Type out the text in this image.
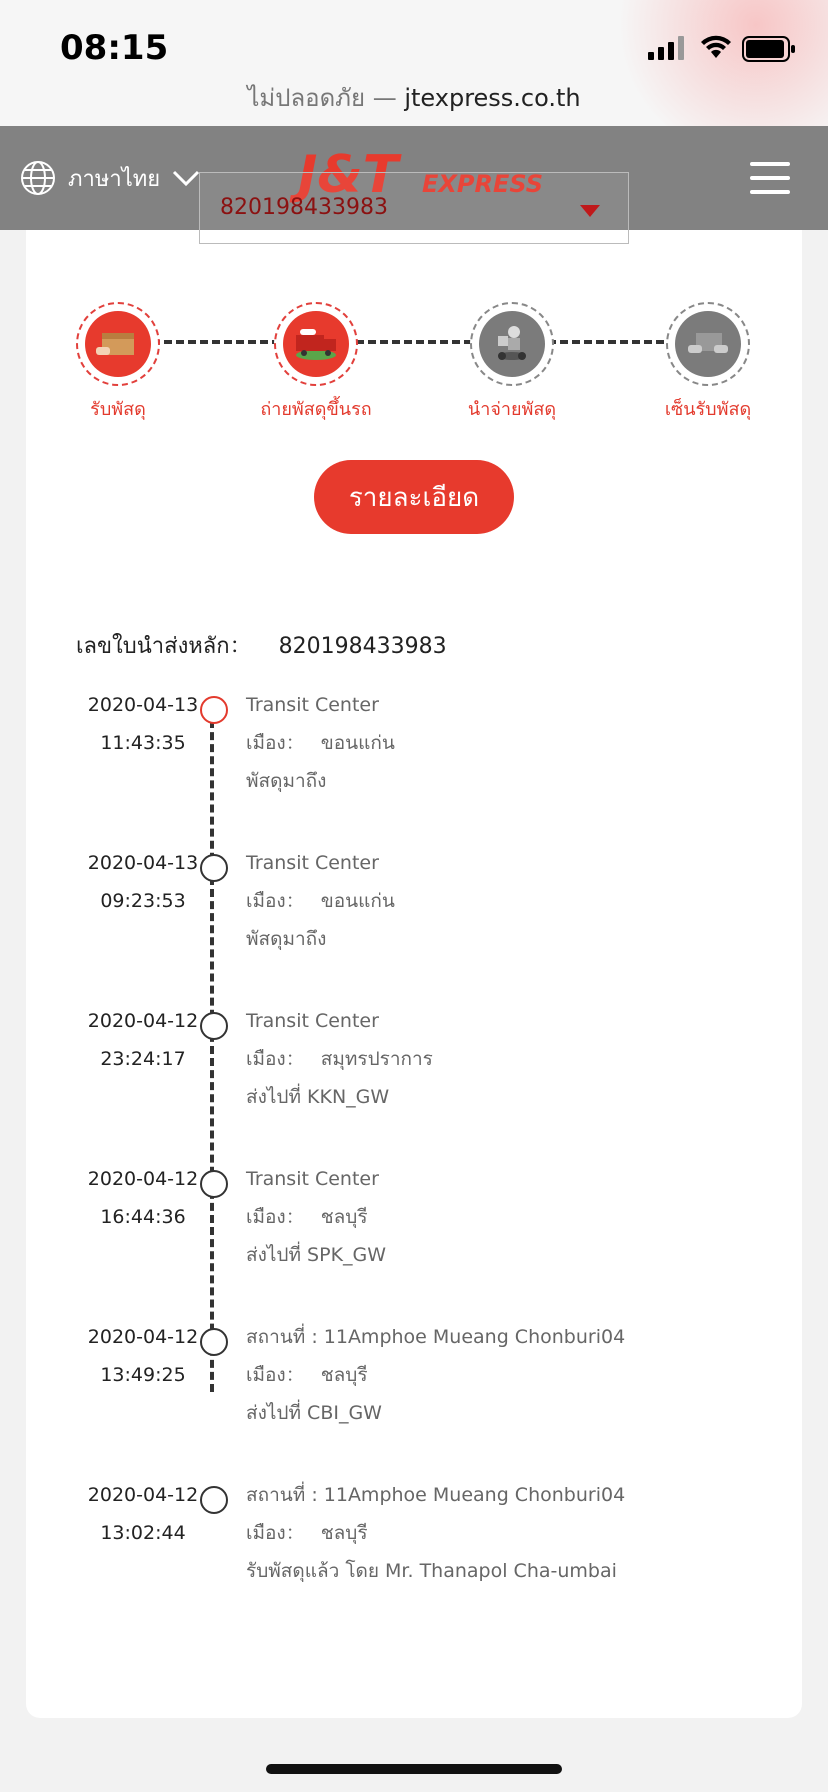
08:15
ไม่ปลอดภัย — jtexpress.co.th
ภาษาไทย	J&T EXPRESS
รับพัสดุ	ถ่ายพัสดุขึ้นรถ	นำจ่ายพัสดุ	เซ็นรับพัสดุ
รายละเอียด
เลขใบนำส่งหลัก： 820198433983
2020-04-13
11:43:35
Transit Center
เมือง： ขอนแก่น
พัสดุมาถึง
2020-04-13
09:23:53
Transit Center
เมือง： ขอนแก่น
พัสดุมาถึง
2020-04-12
23:24:17
Transit Center
เมือง： สมุทรปราการ
ส่งไปที่ KKN_GW
2020-04-12
16:44:36
Transit Center
เมือง： ชลบุรี
ส่งไปที่ SPK_GW
2020-04-12
13:49:25
สถานที่ : 11Amphoe Mueang Chonburi04
เมือง： ชลบุรี
ส่งไปที่ CBI_GW
2020-04-12
13:02:44
สถานที่ : 11Amphoe Mueang Chonburi04
เมือง： ชลบุรี
รับพัสดุแล้ว โดย Mr. Thanapol Cha-umbai
820198433983
